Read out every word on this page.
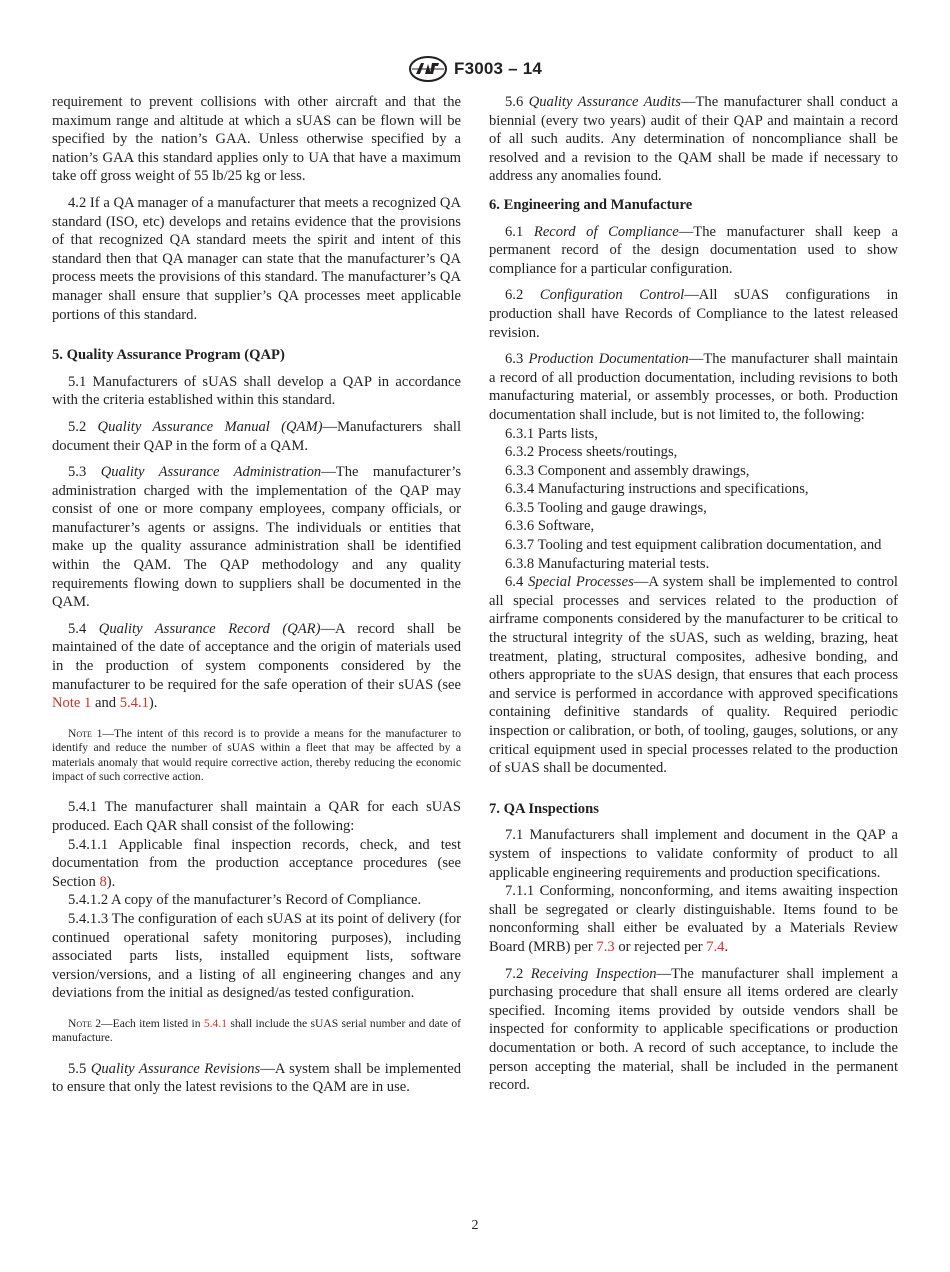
F3003 – 14

requirement to prevent collisions with other aircraft and that the maximum range and altitude at which a sUAS can be flown will be specified by the nation’s GAA. Unless otherwise specified by a nation’s GAA this standard applies only to UA that have a maximum take off gross weight of 55 lb/25 kg or less.

4.2 If a QA manager of a manufacturer that meets a recognized QA standard (ISO, etc) develops and retains evidence that the provisions of that recognized QA standard meets the spirit and intent of this standard then that QA manager can state that the manufacturer’s QA process meets the provisions of this standard. The manufacturer’s QA manager shall ensure that supplier’s QA processes meet applicable portions of this standard.

5. Quality Assurance Program (QAP)

5.1 Manufacturers of sUAS shall develop a QAP in accordance with the criteria established within this standard.

5.2 Quality Assurance Manual (QAM)—Manufacturers shall document their QAP in the form of a QAM.

5.3 Quality Assurance Administration—The manufacturer’s administration charged with the implementation of the QAP may consist of one or more company employees, company officials, or manufacturer’s agents or assigns. The individuals or entities that make up the quality assurance administration shall be identified within the QAM. The QAP methodology and any quality requirements flowing down to suppliers shall be documented in the QAM.

5.4 Quality Assurance Record (QAR)—A record shall be maintained of the date of acceptance and the origin of materials used in the production of system components considered by the manufacturer to be required for the safe operation of their sUAS (see Note 1 and 5.4.1).

Note 1—The intent of this record is to provide a means for the manufacturer to identify and reduce the number of sUAS within a fleet that may be affected by a materials anomaly that would require corrective action, thereby reducing the economic impact of such corrective action.

5.4.1 The manufacturer shall maintain a QAR for each sUAS produced. Each QAR shall consist of the following:

5.4.1.1 Applicable final inspection records, check, and test documentation from the production acceptance procedures (see Section 8).

5.4.1.2 A copy of the manufacturer’s Record of Compliance.

5.4.1.3 The configuration of each sUAS at its point of delivery (for continued operational safety monitoring purposes), including associated parts lists, installed equipment lists, software version/versions, and a listing of all engineering changes and any deviations from the initial as designed/as tested configuration.

Note 2—Each item listed in 5.4.1 shall include the sUAS serial number and date of manufacture.

5.5 Quality Assurance Revisions—A system shall be implemented to ensure that only the latest revisions to the QAM are in use.

5.6 Quality Assurance Audits—The manufacturer shall conduct a biennial (every two years) audit of their QAP and maintain a record of all such audits. Any determination of noncompliance shall be resolved and a revision to the QAM shall be made if necessary to address any anomalies found.

6. Engineering and Manufacture

6.1 Record of Compliance—The manufacturer shall keep a permanent record of the design documentation used to show compliance for a particular configuration.

6.2 Configuration Control—All sUAS configurations in production shall have Records of Compliance to the latest released revision.

6.3 Production Documentation—The manufacturer shall maintain a record of all production documentation, including revisions to both manufacturing material, or assembly processes, or both. Production documentation shall include, but is not limited to, the following:

6.3.1 Parts lists,

6.3.2 Process sheets/routings,

6.3.3 Component and assembly drawings,

6.3.4 Manufacturing instructions and specifications,

6.3.5 Tooling and gauge drawings,

6.3.6 Software,

6.3.7 Tooling and test equipment calibration documentation, and

6.3.8 Manufacturing material tests.

6.4 Special Processes—A system shall be implemented to control all special processes and services related to the production of airframe components considered by the manufacturer to be critical to the structural integrity of the sUAS, such as welding, brazing, heat treatment, plating, structural composites, adhesive bonding, and others appropriate to the sUAS design, that ensures that each process and service is performed in accordance with approved specifications containing definitive standards of quality. Required periodic inspection or calibration, or both, of tooling, gauges, solutions, or any critical equipment used in special processes related to the production of sUAS shall be documented.

7. QA Inspections

7.1 Manufacturers shall implement and document in the QAP a system of inspections to validate conformity of product to all applicable engineering requirements and production specifications.

7.1.1 Conforming, nonconforming, and items awaiting inspection shall be segregated or clearly distinguishable. Items found to be nonconforming shall either be evaluated by a Materials Review Board (MRB) per 7.3 or rejected per 7.4.

7.2 Receiving Inspection—The manufacturer shall implement a purchasing procedure that shall ensure all items ordered are clearly specified. Incoming items provided by outside vendors shall be inspected for conformity to applicable specifications or production documentation or both. A record of such acceptance, to include the person accepting the material, shall be included in the permanent record.

2
